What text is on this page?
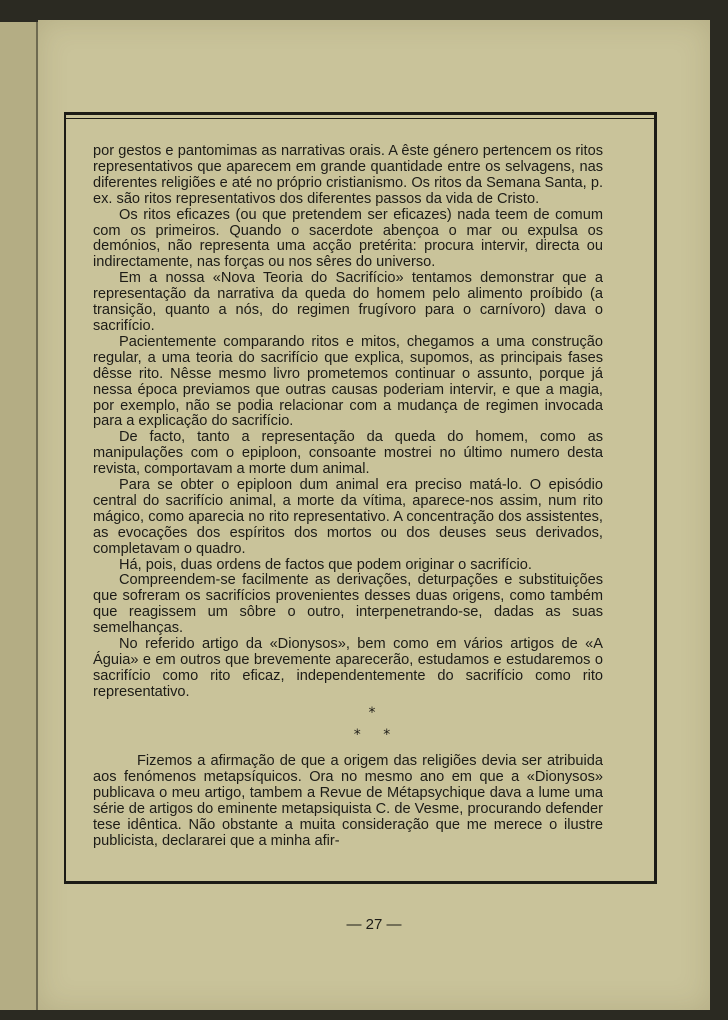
por gestos e pantomimas as narrativas orais. A êste género pertencem os ritos representativos que aparecem em grande quantidade entre os selvagens, nas diferentes religiões e até no próprio cristianismo. Os ritos da Semana Santa, p. ex. são ritos representativos dos diferentes passos da vida de Cristo.

Os ritos eficazes (ou que pretendem ser eficazes) nada teem de comum com os primeiros. Quando o sacerdote abençoa o mar ou expulsa os demónios, não representa uma acção pretérita: procura intervir, directa ou indirectamente, nas forças ou nos sêres do universo.

Em a nossa «Nova Teoria do Sacrifício» tentamos demonstrar que a representação da narrativa da queda do homem pelo alimento proíbido (a transição, quanto a nós, do regimen frugívoro para o carnívoro) dava o sacrifício.

Pacientemente comparando ritos e mitos, chegamos a uma construção regular, a uma teoria do sacrifício que explica, supomos, as principais fases dêsse rito. Nêsse mesmo livro prometemos continuar o assunto, porque já nessa época previamos que outras causas poderiam intervir, e que a magia, por exemplo, não se podia relacionar com a mudança de regimen invocada para a explicação do sacrifício.

De facto, tanto a representação da queda do homem, como as manipulações com o epiploon, consoante mostrei no último numero desta revista, comportavam a morte dum animal.

Para se obter o epiploon dum animal era preciso matá-lo. O episódio central do sacrifício animal, a morte da vítima, aparece-nos assim, num rito mágico, como aparecia no rito representativo. A concentração dos assistentes, as evocações dos espíritos dos mortos ou dos deuses seus derivados, completavam o quadro.

Há, pois, duas ordens de factos que podem originar o sacrifício.

Compreendem-se facilmente as derivações, deturpações e substituições que sofreram os sacrifícios provenientes desses duas origens, como também que reagissem um sôbre o outro, interpenetrando-se, dadas as suas semelhanças.

No referido artigo da «Dionysos», bem como em vários artigos de «A Águia» e em outros que brevemente aparecerão, estudamos e estudaremos o sacrifício como rito eficaz, independentemente do sacrifício como rito representativo.

*
* *

Fizemos a afirmação de que a origem das religiões devia ser atribuida aos fenómenos metapsíquicos. Ora no mesmo ano em que a «Dionysos» publicava o meu artigo, tambem a Revue de Métapsychique dava a lume uma série de artigos do eminente metapsiquista C. de Vesme, procurando defender tese idêntica. Não obstante a muita consideração que me merece o ilustre publicista, declararei que a minha afir-

— 27 —
